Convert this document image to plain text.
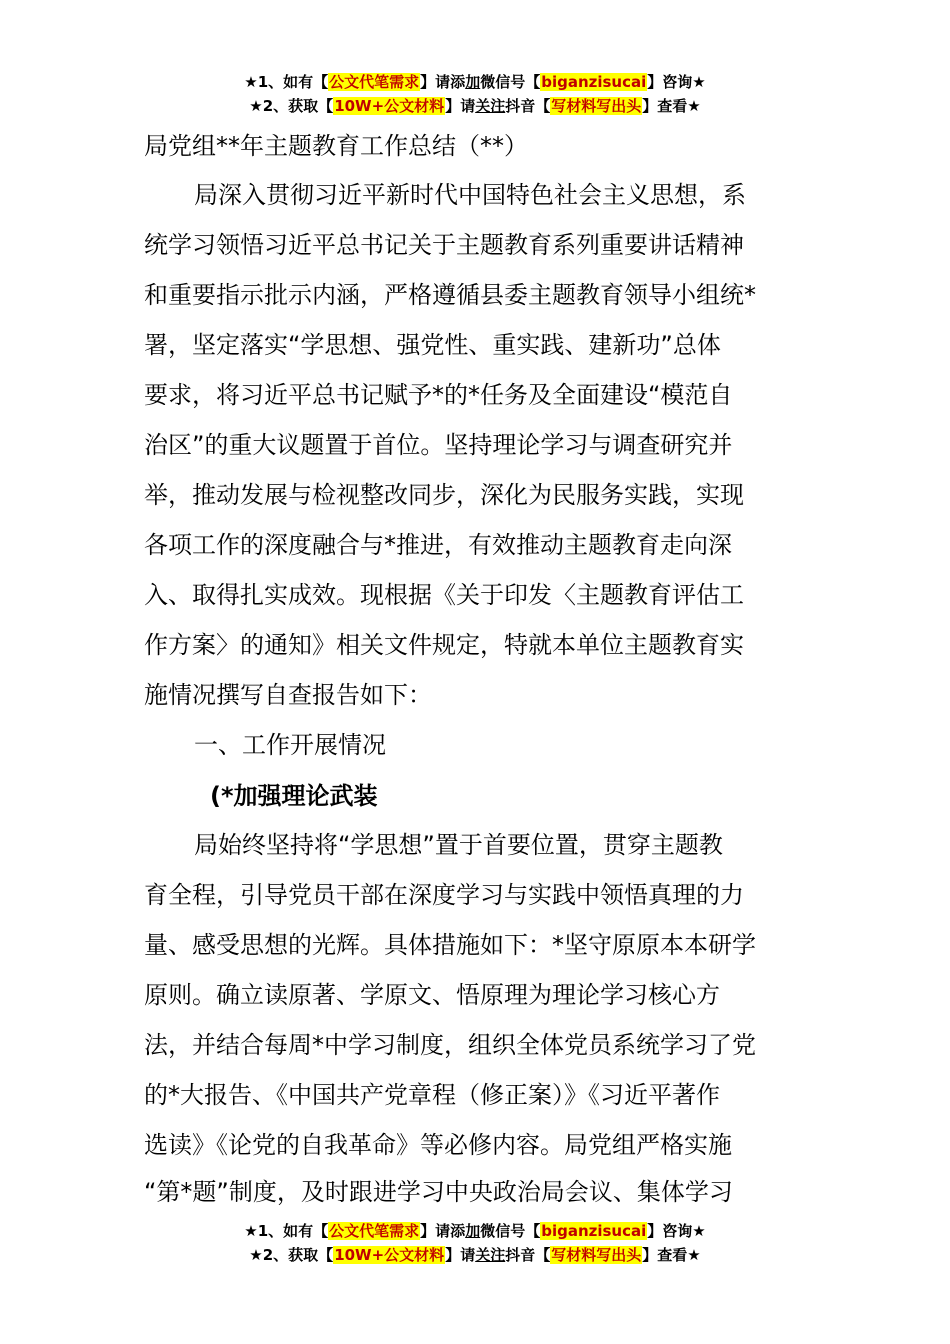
★1、如有【公文代笔需求】请添加微信号【biganzisucai】咨询★
★2、获取【10W+公文材料】请关注抖音【写材料写出头】查看★
局党组**年主题教育工作总结（**）
局深入贯彻习近平新时代中国特色社会主义思想，系
统学习领悟习近平总书记关于主题教育系列重要讲话精神
和重要指示批示内涵，严格遵循县委主题教育领导小组统*
署，坚定落实“学思想、强党性、重实践、建新功”总体
要求，将习近平总书记赋予*的*任务及全面建设“模范自
治区”的重大议题置于首位。坚持理论学习与调查研究并
举，推动发展与检视整改同步，深化为民服务实践，实现
各项工作的深度融合与*推进，有效推动主题教育走向深
入、取得扎实成效。现根据《关于印发〈主题教育评估工
作方案〉的通知》相关文件规定，特就本单位主题教育实
施情况撰写自查报告如下：
一、工作开展情况
(*加强理论武装
局始终坚持将“学思想”置于首要位置，贯穿主题教
育全程，引导党员干部在深度学习与实践中领悟真理的力
量、感受思想的光辉。具体措施如下：*坚守原原本本研学
原则。确立读原著、学原文、悟原理为理论学习核心方
法，并结合每周*中学习制度，组织全体党员系统学习了党
的*大报告、《中国共产党章程（修正案）》《习近平著作
选读》《论党的自我革命》等必修内容。局党组严格实施
“第*题”制度，及时跟进学习中央政治局会议、集体学习
★1、如有【公文代笔需求】请添加微信号【biganzisucai】咨询★
★2、获取【10W+公文材料】请关注抖音【写材料写出头】查看★
